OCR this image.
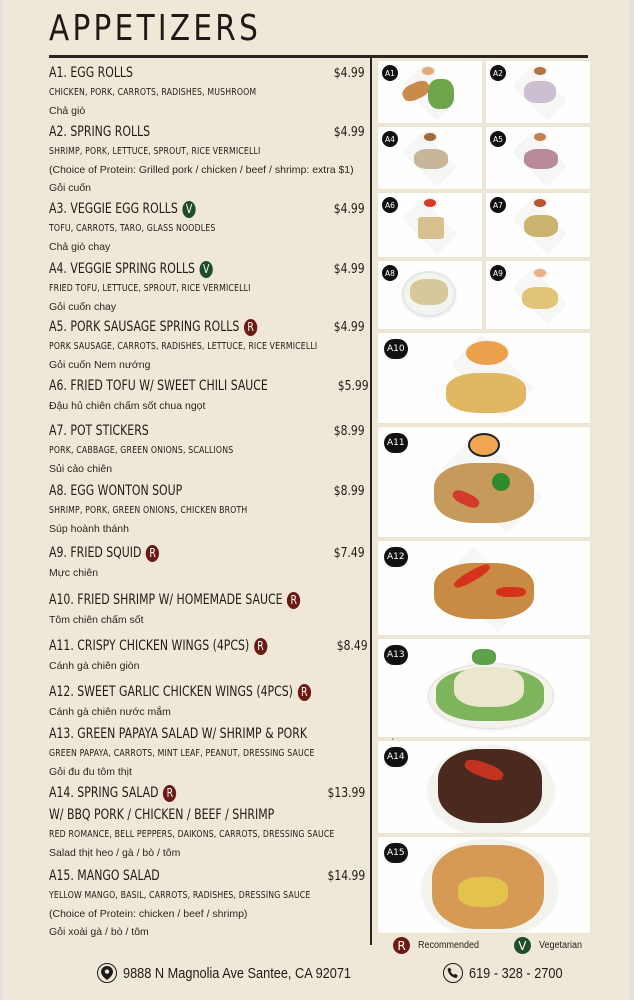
APPETIZERS
A1. EGG ROLLS	$4.99
CHICKEN, PORK, CARROTS, RADISHES, MUSHROOM
Chả giò
A2. SPRING ROLLS	$4.99
SHRIMP, PORK, LETTUCE, SPROUT, RICE VERMICELLI
(Choice of Protein: Grilled pork / chicken / beef / shrimp: extra $1)
Gỏi cuốn
A3. VEGGIE EGG ROLLS V	$4.99
TOFU, CARROTS, TARO, GLASS NOODLES
Chả giò chay
A4. VEGGIE SPRING ROLLS V	$4.99
FRIED TOFU, LETTUCE, SPROUT, RICE VERMICELLI
Gỏi cuốn chay
A5. PORK SAUSAGE SPRING ROLLS R	$4.99
PORK SAUSAGE, CARROTS, RADISHES, LETTUCE, RICE VERMICELLI
Gỏi cuốn Nem nướng
A6. FRIED TOFU W/ SWEET CHILI SAUCE	$5.99
Đậu hủ chiên chấm sốt chua ngọt
A7. POT STICKERS	$8.99
PORK, CABBAGE, GREEN ONIONS, SCALLIONS
Sủi cảo chiên
A8. EGG WONTON SOUP	$8.99
SHRIMP, PORK, GREEN ONIONS, CHICKEN BROTH
Súp hoành thánh
A9. FRIED SQUID R	$7.49
Mực chiên
A10. FRIED SHRIMP W/ HOMEMADE SAUCE R
Tôm chiên chấm sốt
A11. CRISPY CHICKEN WINGS (4PCS) R	$8.49
Cánh gà chiên giòn
A12. SWEET GARLIC CHICKEN WINGS (4PCS) R
Cánh gà chiên nước mắm
A13. GREEN PAPAYA SALAD W/ SHRIMP & PORK
GREEN PAPAYA, CARROTS, MINT LEAF, PEANUT, DRESSING SAUCE
Gỏi đu đu tôm thịt
A14. SPRING SALAD R	$13.99
W/ BBQ PORK / CHICKEN / BEEF / SHRIMP
RED ROMANCE, BELL PEPPERS, DAIKONS, CARROTS, DRESSING SAUCE
Salad thịt heo / gà / bò / tôm
A15. MANGO SALAD	$14.99
YELLOW MANGO, BASIL, CARROTS, RADISHES, DRESSING SAUCE
(Choice of Protein: chicken / beef / shrimp)
Gỏi xoài gà / bò / tôm
A1	A2
A4	A5
A6	A7
A8	A9
A10
A11
A12
A13
A14
A15
R	Recommended	V	Vegetarian
9888 N Magnolia Ave Santee, CA 92071	619 - 328 - 2700
